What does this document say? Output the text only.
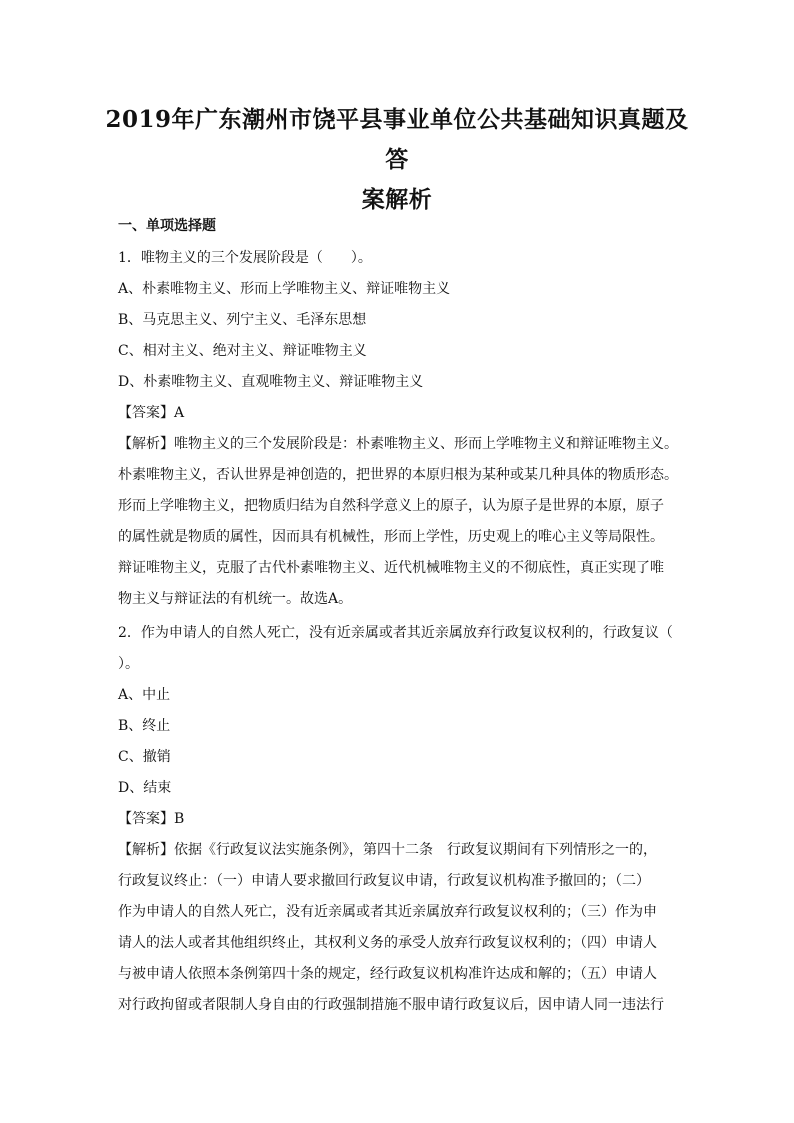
2019年广东潮州市饶平县事业单位公共基础知识真题及答
案解析
一、单项选择题
1．唯物主义的三个发展阶段是（　　）。
A、朴素唯物主义、形而上学唯物主义、辩证唯物主义
B、马克思主义、列宁主义、毛泽东思想
C、相对主义、绝对主义、辩证唯物主义
D、朴素唯物主义、直观唯物主义、辩证唯物主义
【答案】A
【解析】唯物主义的三个发展阶段是：朴素唯物主义、形而上学唯物主义和辩证唯物主义。
朴素唯物主义，否认世界是神创造的，把世界的本原归根为某种或某几种具体的物质形态。
形而上学唯物主义，把物质归结为自然科学意义上的原子，认为原子是世界的本原，原子
的属性就是物质的属性，因而具有机械性，形而上学性，历史观上的唯心主义等局限性。
辩证唯物主义，克服了古代朴素唯物主义、近代机械唯物主义的不彻底性，真正实现了唯
物主义与辩证法的有机统一。故选A。
2．作为申请人的自然人死亡，没有近亲属或者其近亲属放弃行政复议权利的，行政复议（
）。
A、中止
B、终止
C、撤销
D、结束
【答案】B
【解析】依据《行政复议法实施条例》，第四十二条　行政复议期间有下列情形之一的，
行政复议终止：（一）申请人要求撤回行政复议申请，行政复议机构准予撤回的；（二）
作为申请人的自然人死亡，没有近亲属或者其近亲属放弃行政复议权利的；（三）作为申
请人的法人或者其他组织终止，其权利义务的承受人放弃行政复议权利的；（四）申请人
与被申请人依照本条例第四十条的规定，经行政复议机构准许达成和解的；（五）申请人
对行政拘留或者限制人身自由的行政强制措施不服申请行政复议后，因申请人同一违法行
